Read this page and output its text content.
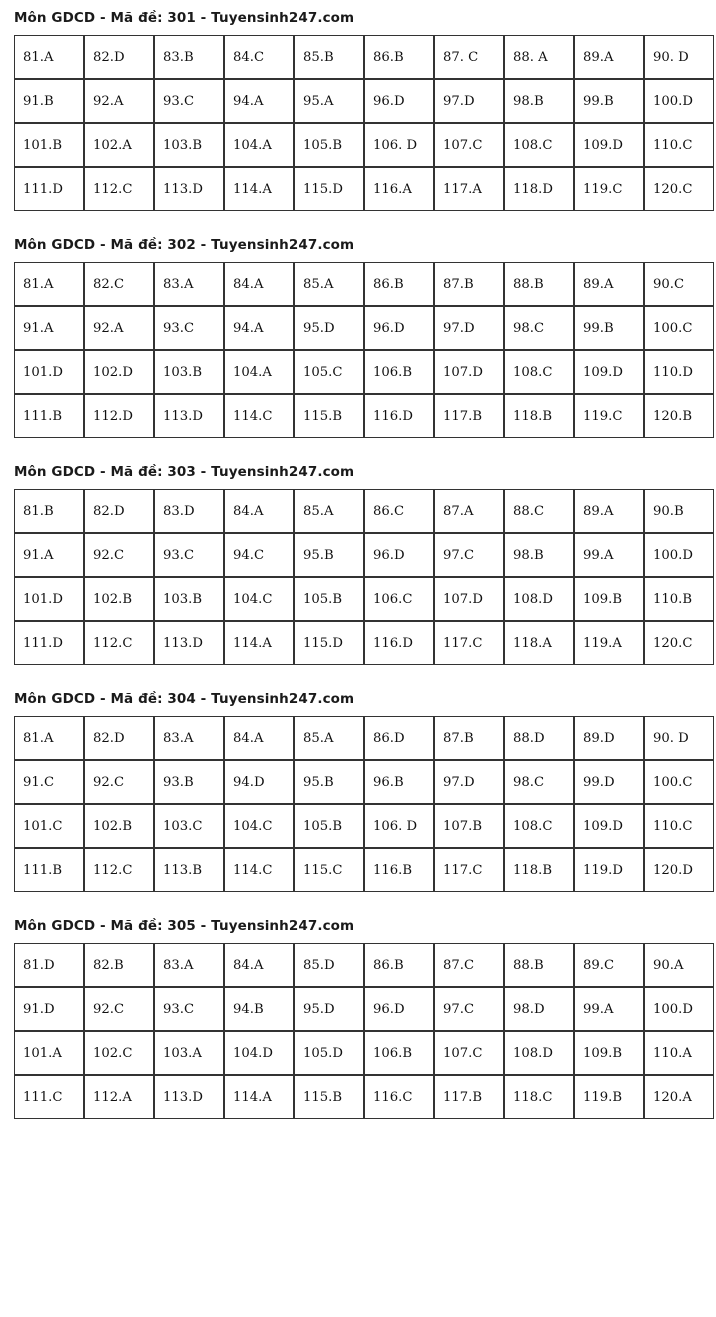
Môn GDCD - Mã đề: 301 - Tuyensinh247.com
81.A	82.D	83.B	84.C	85.B	86.B	87. C	88. A	89.A	90. D
91.B	92.A	93.C	94.A	95.A	96.D	97.D	98.B	99.B	100.D
101.B	102.A	103.B	104.A	105.B	106. D	107.C	108.C	109.D	110.C
111.D	112.C	113.D	114.A	115.D	116.A	117.A	118.D	119.C	120.C
Môn GDCD - Mã đề: 302 - Tuyensinh247.com
81.A	82.C	83.A	84.A	85.A	86.B	87.B	88.B	89.A	90.C
91.A	92.A	93.C	94.A	95.D	96.D	97.D	98.C	99.B	100.C
101.D	102.D	103.B	104.A	105.C	106.B	107.D	108.C	109.D	110.D
111.B	112.D	113.D	114.C	115.B	116.D	117.B	118.B	119.C	120.B
Môn GDCD - Mã đề: 303 - Tuyensinh247.com
81.B	82.D	83.D	84.A	85.A	86.C	87.A	88.C	89.A	90.B
91.A	92.C	93.C	94.C	95.B	96.D	97.C	98.B	99.A	100.D
101.D	102.B	103.B	104.C	105.B	106.C	107.D	108.D	109.B	110.B
111.D	112.C	113.D	114.A	115.D	116.D	117.C	118.A	119.A	120.C
Môn GDCD - Mã đề: 304 - Tuyensinh247.com
81.A	82.D	83.A	84.A	85.A	86.D	87.B	88.D	89.D	90. D
91.C	92.C	93.B	94.D	95.B	96.B	97.D	98.C	99.D	100.C
101.C	102.B	103.C	104.C	105.B	106. D	107.B	108.C	109.D	110.C
111.B	112.C	113.B	114.C	115.C	116.B	117.C	118.B	119.D	120.D
Môn GDCD - Mã đề: 305 - Tuyensinh247.com
81.D	82.B	83.A	84.A	85.D	86.B	87.C	88.B	89.C	90.A
91.D	92.C	93.C	94.B	95.D	96.D	97.C	98.D	99.A	100.D
101.A	102.C	103.A	104.D	105.D	106.B	107.C	108.D	109.B	110.A
111.C	112.A	113.D	114.A	115.B	116.C	117.B	118.C	119.B	120.A
